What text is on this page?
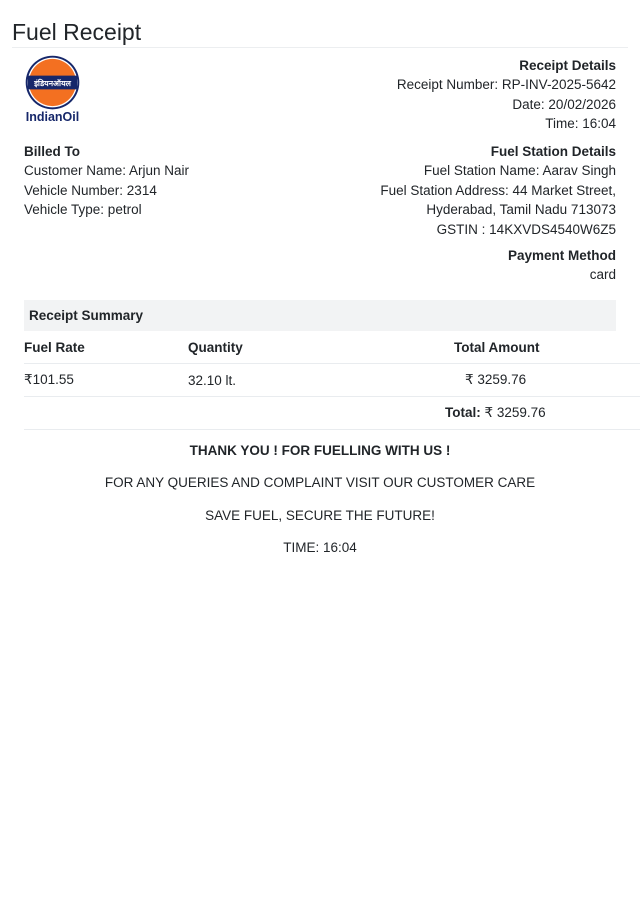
Fuel Receipt
इंडियनऑयल
IndianOil

Receipt Details

Receipt Number: RP-INV-2025-5642

Date: 20/02/2026

Time: 16:04

Billed To

Customer Name: Arjun Nair

Vehicle Number: 2314

Vehicle Type: petrol

Fuel Station Details

Fuel Station Name: Aarav Singh

Fuel Station Address: 44 Market Street,

Hyderabad, Tamil Nadu 713073

GSTIN : 14KXVDS4540W6Z5

Payment Method

card

Receipt Summary
Fuel Rate	Quantity	Total Amount
₹101.55	32.10 lt.	₹ 3259.76
		Total: ₹ 3259.76

THANK YOU ! FOR FUELLING WITH US !

FOR ANY QUERIES AND COMPLAINT VISIT OUR CUSTOMER CARE

SAVE FUEL, SECURE THE FUTURE!

TIME: 16:04
